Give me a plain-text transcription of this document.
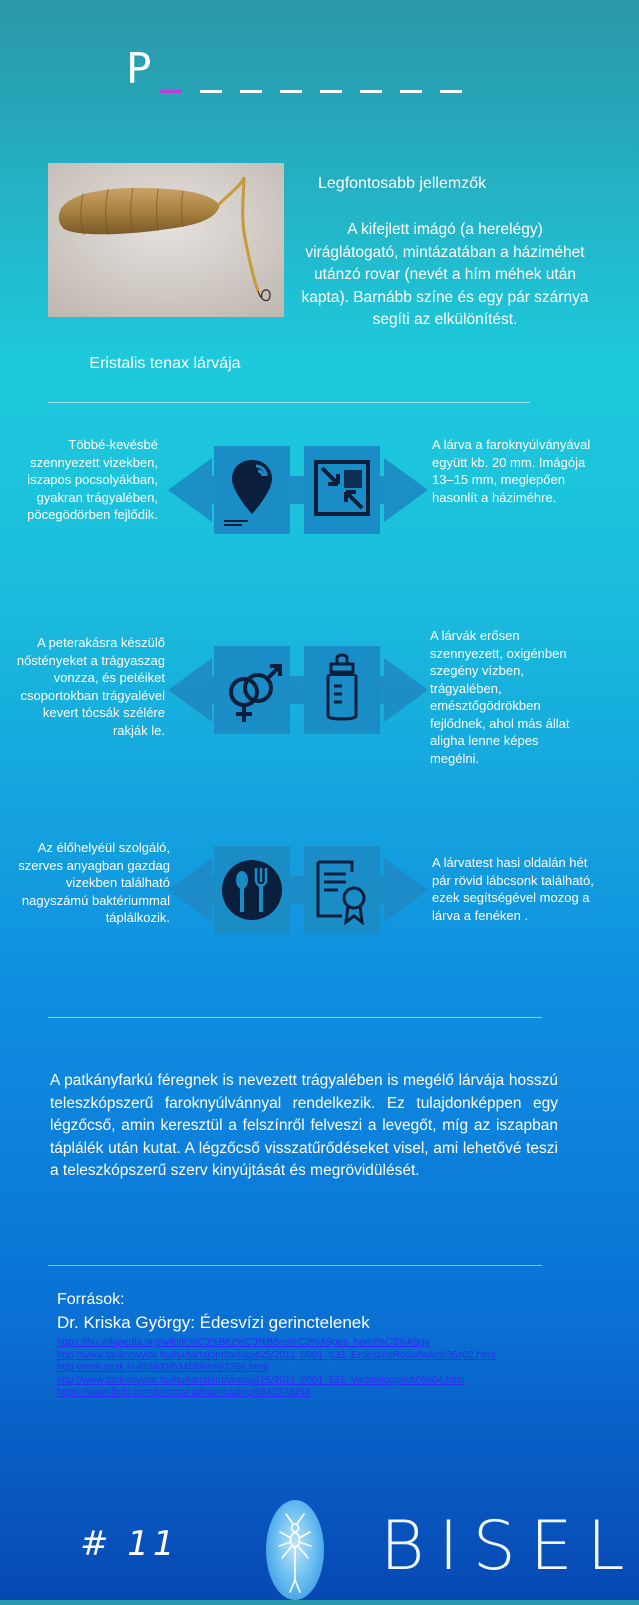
P
Eristalis tenax lárvája
Legfontosabb jellemzők
A kifejlett imágó (a herelégy) viráglátogató, mintázatában a háziméhet utánzó rovar (nevét a hím méhek után kapta). Barnább színe és egy pár szárnya segíti az elkülönítést.
Többé-kevésbé szennyezett vizekben, iszapos pocsolyákban, gyakran trágyalében, pöcegödörben fejlődik.
A lárva a faroknyúlványával együtt kb. 20 mm. Imágója 13–15 mm, meglepően hasonlít a háziméhre.
A peterakásra készülő nőstényeket a trágyaszag vonzza, és petéiket csoportokban trágyalével kevert tócsák szélére rakják le.
A lárvák erősen szennyezett, oxigénben szegény vízben, trágyalében, emésztőgödrökben fejlődnek, ahol más állat aligha lenne képes megélni.
Az élőhelyéül szolgáló, szerves anyagban gazdag vizekben található nagyszámú baktériummal táplálkozik.
A lárvatest hasi oldalán hét pár rövid lábcsonk található, ezek segítségével mozog a lárva a fenéken .
A patkányfarkú féregnek is nevezett trágyalében is megélő lárvája hosszú teleszkópszerű faroknyúlvánnyal rendelkezik. Ez tulajdonképpen egy légzőcső, amin keresztül a felszínről felveszi a levegőt, míg az iszapban táplálék után kutat. A légzőcső visszatűrődéseket visel, ami lehetővé teszi a teleszkópszerű szerv kinyújtását és megrövidülését.
Források:
Dr. Kriska György: Édesvízi gerinctelenek
https://hu.wikipedia.org/wiki/K%C3%B6z%C3%B6ns%C3%A9ges_herel%C3%A9gy
http://www.tankonyvtar.hu/hu/tartalom/tamop425/2011_0001_533_ErdeszetiRovartan/ch36s02.html
http://mek.oszk.hu/03400/03408/html/2756.html
http://www.tankonyvtar.hu/hu/tartalom/tamop425/2011_0001_521_Vadbiologia/ch09s04.html
https://www.flickr.com/photos/nathanreading/6843378294
# 11	BISEL
